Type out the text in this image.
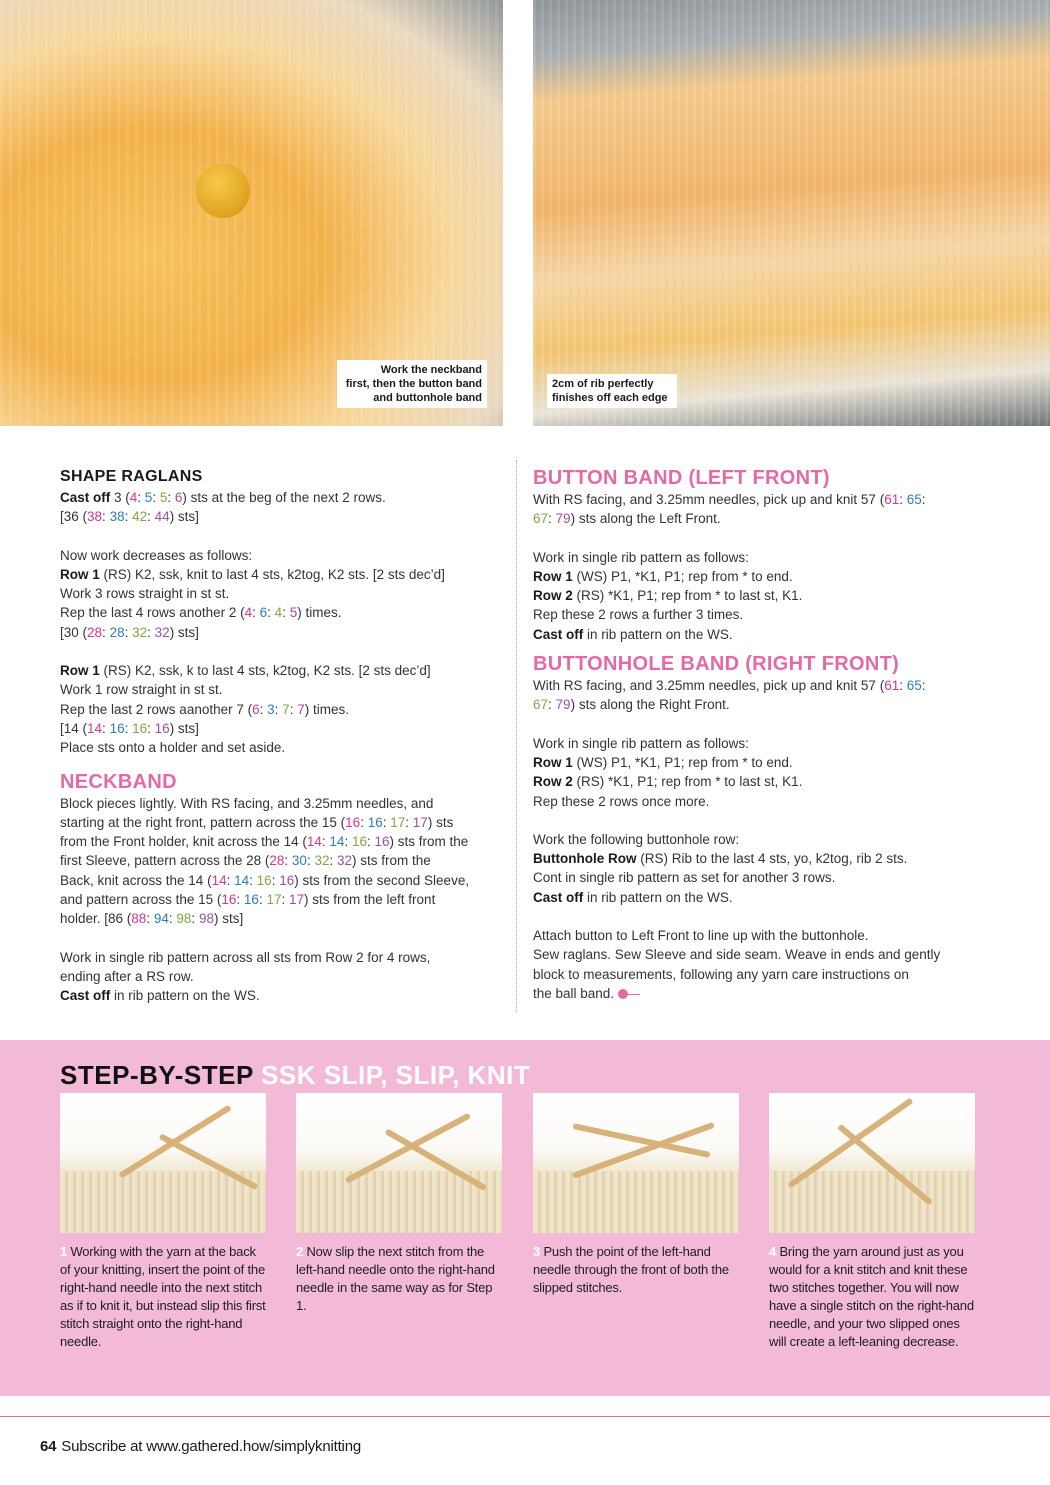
Work the neckband
first, then the button band
and buttonhole band
2cm of rib perfectly
finishes off each edge
SHAPE RAGLANS

Cast off 3 (4: 5: 5: 6) sts at the beg of the next 2 rows.

[36 (38: 38: 42: 44) sts]

Now work decreases as follows:

Row 1 (RS) K2, ssk, knit to last 4 sts, k2tog, K2 sts. [2 sts dec’d]

Work 3 rows straight in st st.

Rep the last 4 rows another 2 (4: 6: 4: 5) times.

[30 (28: 28: 32: 32) sts]

Row 1 (RS) K2, ssk, k to last 4 sts, k2tog, K2 sts. [2 sts dec’d]

Work 1 row straight in st st.

Rep the last 2 rows aanother 7 (6: 3: 7: 7) times.

[14 (14: 16: 16: 16) sts]

Place sts onto a holder and set aside.

NECKBAND

Block pieces lightly. With RS facing, and 3.25mm needles, and

starting at the right front, pattern across the 15 (16: 16: 17: 17) sts

from the Front holder, knit across the 14 (14: 14: 16: 16) sts from the

first Sleeve, pattern across the 28 (28: 30: 32: 32) sts from the

Back, knit across the 14 (14: 14: 16: 16) sts from the second Sleeve,

and pattern across the 15 (16: 16: 17: 17) sts from the left front

holder. [86 (88: 94: 98: 98) sts]

Work in single rib pattern across all sts from Row 2 for 4 rows,

ending after a RS row.

Cast off in rib pattern on the WS.

BUTTON BAND (LEFT FRONT)

With RS facing, and 3.25mm needles, pick up and knit 57 (61: 65:

67: 79) sts along the Left Front.

Work in single rib pattern as follows:

Row 1 (WS) P1, *K1, P1; rep from * to end.

Row 2 (RS) *K1, P1; rep from * to last st, K1.

Rep these 2 rows a further 3 times.

Cast off in rib pattern on the WS.

BUTTONHOLE BAND (RIGHT FRONT)

With RS facing, and 3.25mm needles, pick up and knit 57 (61: 65:

67: 79) sts along the Right Front.

Work in single rib pattern as follows:

Row 1 (WS) P1, *K1, P1; rep from * to end.

Row 2 (RS) *K1, P1; rep from * to last st, K1.

Rep these 2 rows once more.

Work the following buttonhole row:

Buttonhole Row (RS) Rib to the last 4 sts, yo, k2tog, rib 2 sts.

Cont in single rib pattern as set for another 3 rows.

Cast off in rib pattern on the WS.

Attach button to Left Front to line up with the buttonhole.

Sew raglans. Sew Sleeve and side seam. Weave in ends and gently

block to measurements, following any yarn care instructions on

the ball band.

STEP-BY-STEP SSK SLIP, SLIP, KNIT
1 Working with the yarn at the back of your knitting, insert the point of the right-hand needle into the next stitch as if to knit it, but instead slip this first stitch straight onto the right-hand needle.
2 Now slip the next stitch from the left-hand needle onto the right-hand needle in the same way as for Step 1.
3 Push the point of the left-hand needle through the front of both the slipped stitches.
4 Bring the yarn around just as you would for a knit stitch and knit these two stitches together. You will now have a single stitch on the right-hand needle, and your two slipped ones will create a left-leaning decrease.
64 Subscribe at www.gathered.how/simplyknitting
